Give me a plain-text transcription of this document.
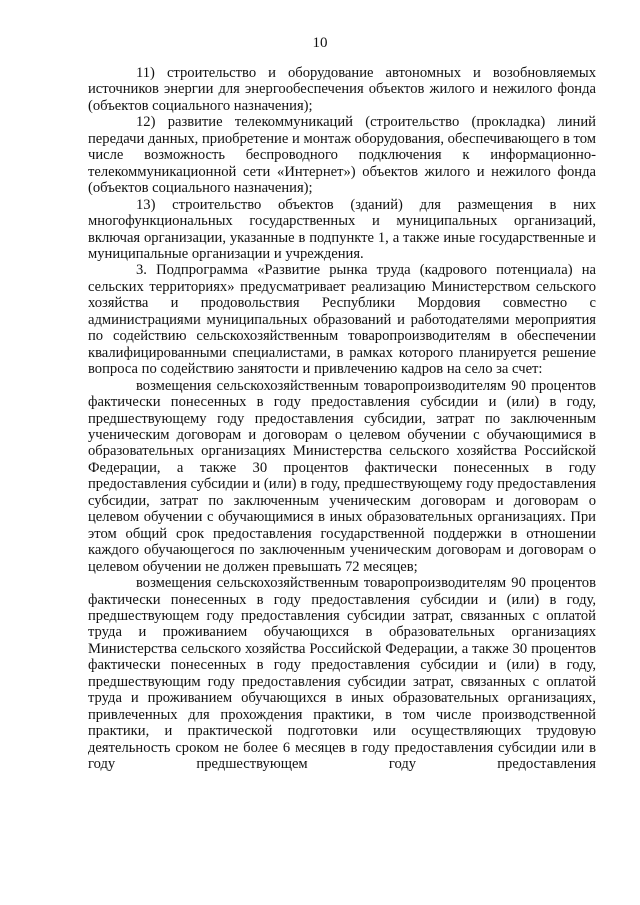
10

11) строительство и оборудование автономных и возобновляемых источников энергии для энергообеспечения объектов жилого и нежилого фонда (объектов социального назначения);

12) развитие телекоммуникаций (строительство (прокладка) линий передачи данных, приобретение и монтаж оборудования, обеспечивающего в том числе возможность беспроводного подключения к информационно-телекоммуникационной сети «Интернет») объектов жилого и нежилого фонда (объектов социального назначения);

13) строительство объектов (зданий) для размещения в них многофункциональных государственных и муниципальных организаций, включая организации, указанные в подпункте 1, а также иные государственные и муниципальные организации и учреждения.

3. Подпрограмма «Развитие рынка труда (кадрового потенциала) на сельских территориях» предусматривает реализацию Министерством сельского хозяйства и продовольствия Республики Мордовия совместно с администрациями муниципальных образований и работодателями мероприятия по содействию сельскохозяйственным товаропроизводителям в обеспечении квалифицированными специалистами, в рамках которого планируется решение вопроса по содействию занятости и привлечению кадров на село за счет:

возмещения сельскохозяйственным товаропроизводителям 90 процентов фактически понесенных в году предоставления субсидии и (или) в году, предшествующему году предоставления субсидии, затрат по заключенным ученическим договорам и договорам о целевом обучении с обучающимися в образовательных организациях Министерства сельского хозяйства Российской Федерации, а также 30 процентов фактически понесенных в году предоставления субсидии и (или) в году, предшествующему году предоставления субсидии, затрат по заключенным ученическим договорам и договорам о целевом обучении с обучающимися в иных образовательных организациях. При этом общий срок предоставления государственной поддержки в отношении каждого обучающегося по заключенным ученическим договорам и договорам о целевом обучении не должен превышать 72 месяцев;

возмещения сельскохозяйственным товаропроизводителям 90 процентов фактически понесенных в году предоставления субсидии и (или) в году, предшествующем году предоставления субсидии затрат, связанных с оплатой труда и проживанием обучающихся в образовательных организациях Министерства сельского хозяйства Российской Федерации, а также 30 процентов фактически понесенных в году предоставления субсидии и (или) в году, предшествующим году предоставления субсидии затрат, связанных с оплатой труда и проживанием обучающихся в иных образовательных организациях, привлеченных для прохождения практики, в том числе производственной практики, и практической подготовки или осуществляющих трудовую деятельность сроком не более 6 месяцев в году предоставления субсидии или в году предшествующем году предоставления
